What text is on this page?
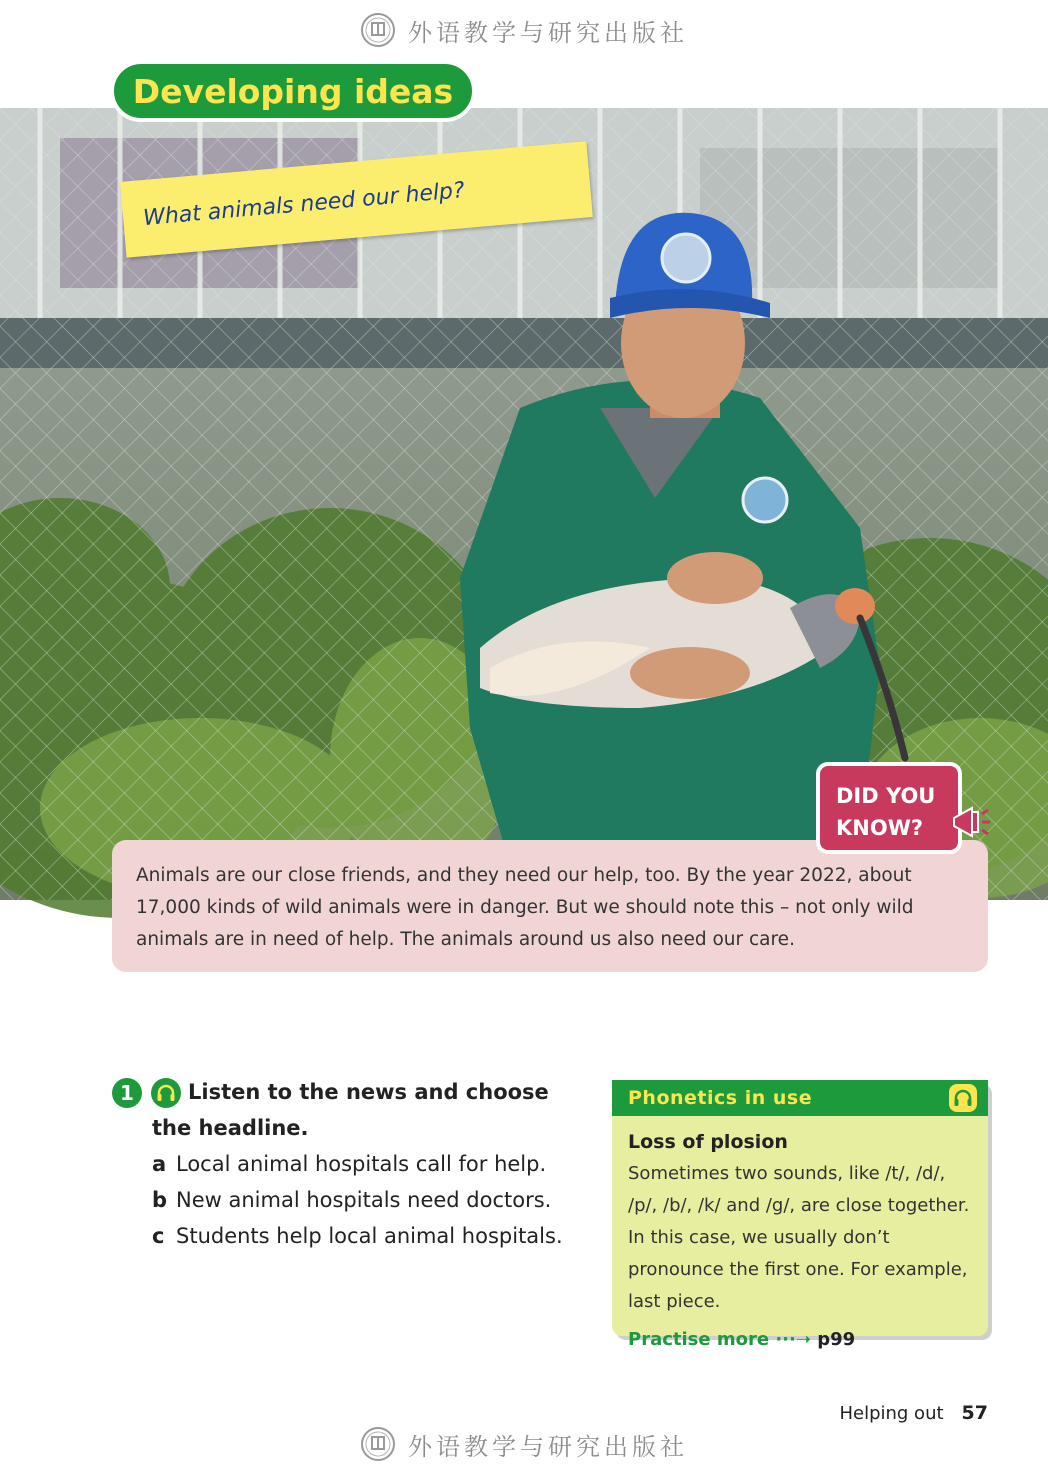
外语教学与研究出版社
Developing ideas
What animals need our help?
DID YOU
KNOW?
Animals are our close friends, and they need our help, too. By the year 2022, about 17,000 kinds of wild animals were in danger. But we should note this – not only wild animals are in need of help. The animals around us also need our care.
1	Listen to the news and choose the headline.
a Local animal hospitals call for help.
b New animal hospitals need doctors.
c Students help local animal hospitals.
Phonetics in use
Loss of plosion
Sometimes two sounds, like /t/, /d/, /p/, /b/, /k/ and /g/, are close together. In this case, we usually don’t pronounce the first one. For example, last piece.
Practise more ···➝ p99
Helping out 57
外语教学与研究出版社
